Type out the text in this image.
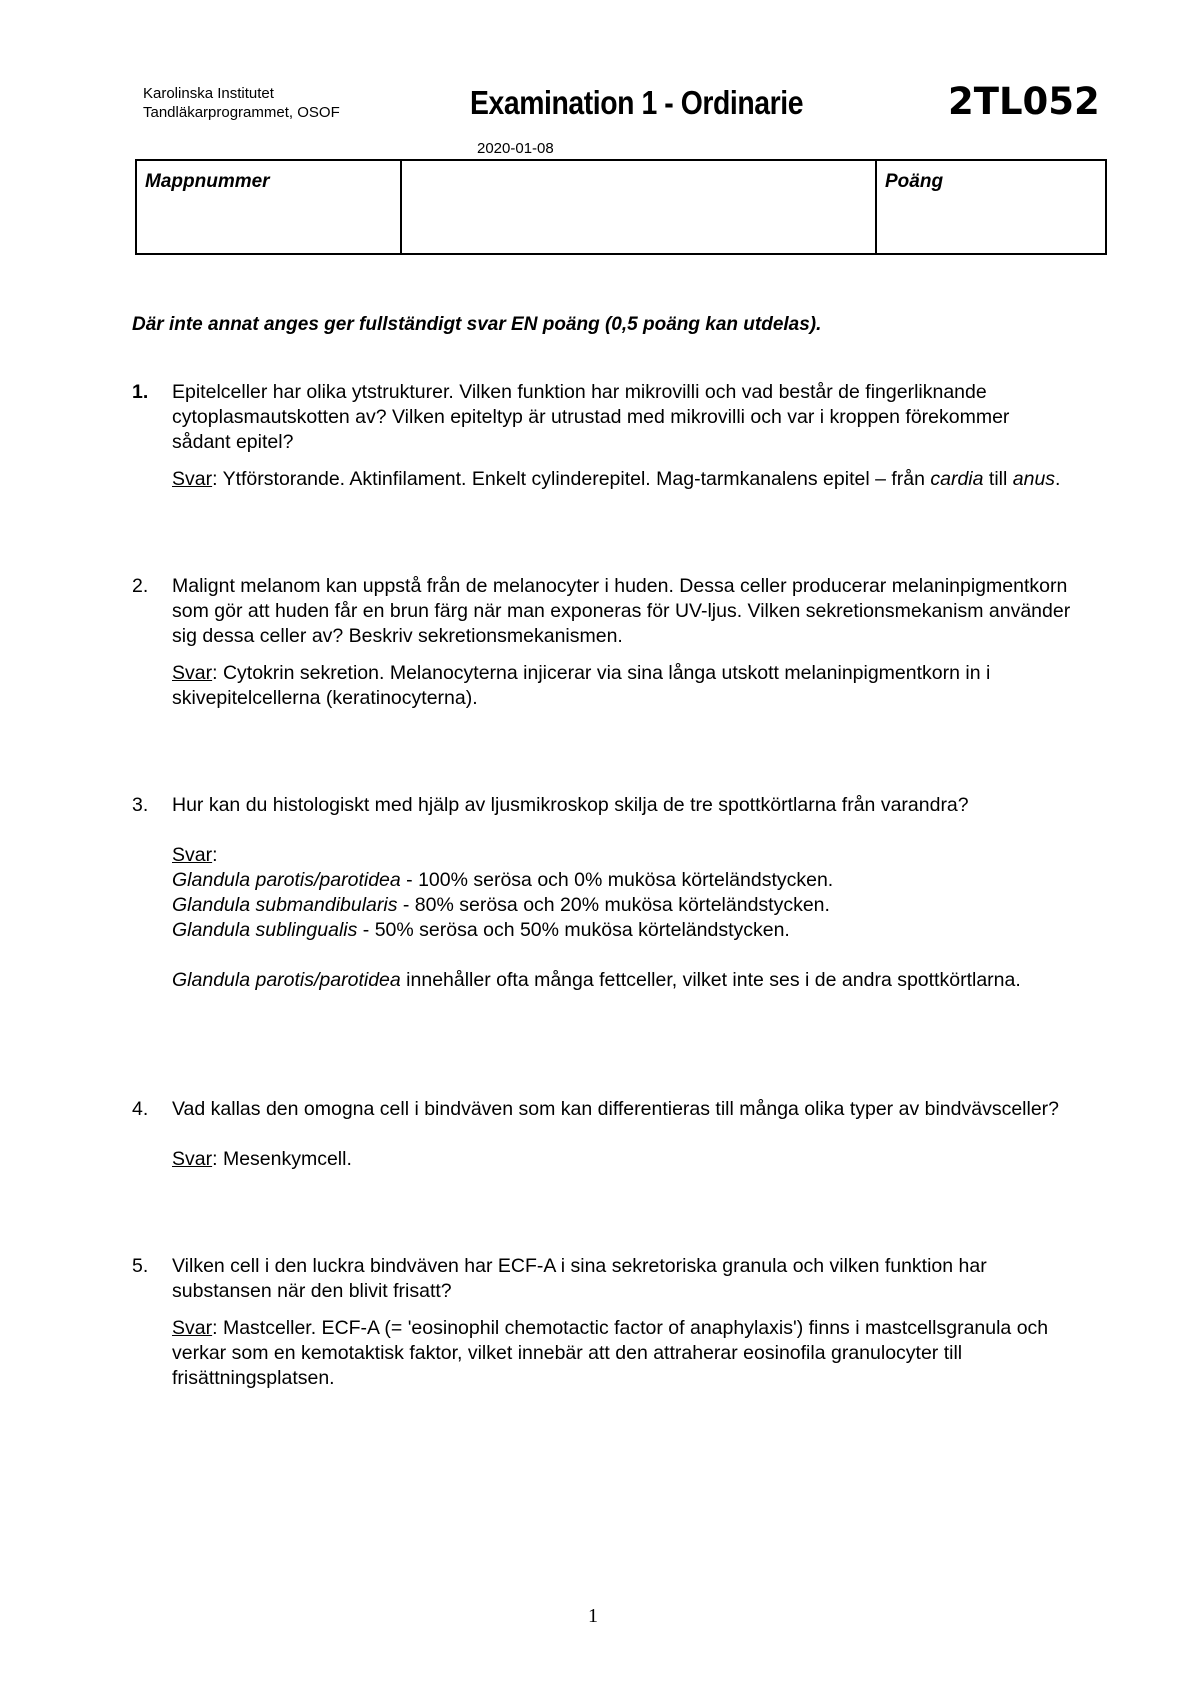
Karolinska Institutet
Tandläkarprogrammet, OSOF	Examination 1 - Ordinarie	2TL052
2020-01-08
Mappnummer	Poäng
Där inte annat anges ger fullständigt svar EN poäng (0,5 poäng kan utdelas).
1.	Epitelceller har olika ytstrukturer. Vilken funktion har mikrovilli och vad består de fingerliknande cytoplasmautskotten av? Vilken epiteltyp är utrustad med mikrovilli och var i kroppen förekommer sådant epitel?
Svar: Ytförstorande. Aktinfilament. Enkelt cylinderepitel. Mag-tarmkanalens epitel – från cardia till anus.
2.	Malignt melanom kan uppstå från de melanocyter i huden. Dessa celler producerar melaninpigmentkorn som gör att huden får en brun färg när man exponeras för UV-ljus. Vilken sekretionsmekanism använder sig dessa celler av? Beskriv sekretionsmekanismen.
Svar: Cytokrin sekretion. Melanocyterna injicerar via sina långa utskott melaninpigmentkorn in i skivepitelcellerna (keratinocyterna).
3.	Hur kan du histologiskt med hjälp av ljusmikroskop skilja de tre spottkörtlarna från varandra?
Svar:
Glandula parotis/parotidea - 100% serösa och 0% mukösa körteländstycken.
Glandula submandibularis - 80% serösa och 20% mukösa körteländstycken.
Glandula sublingualis - 50% serösa och 50% mukösa körteländstycken.
Glandula parotis/parotidea innehåller ofta många fettceller, vilket inte ses i de andra spottkörtlarna.
4.	Vad kallas den omogna cell i bindväven som kan differentieras till många olika typer av bindvävsceller?
Svar: Mesenkymcell.
5.	Vilken cell i den luckra bindväven har ECF-A i sina sekretoriska granula och vilken funktion har substansen när den blivit frisatt?
Svar: Mastceller. ECF-A (= 'eosinophil chemotactic factor of anaphylaxis') finns i mastcellsgranula och verkar som en kemotaktisk faktor, vilket innebär att den attraherar eosinofila granulocyter till frisättningsplatsen.
1
